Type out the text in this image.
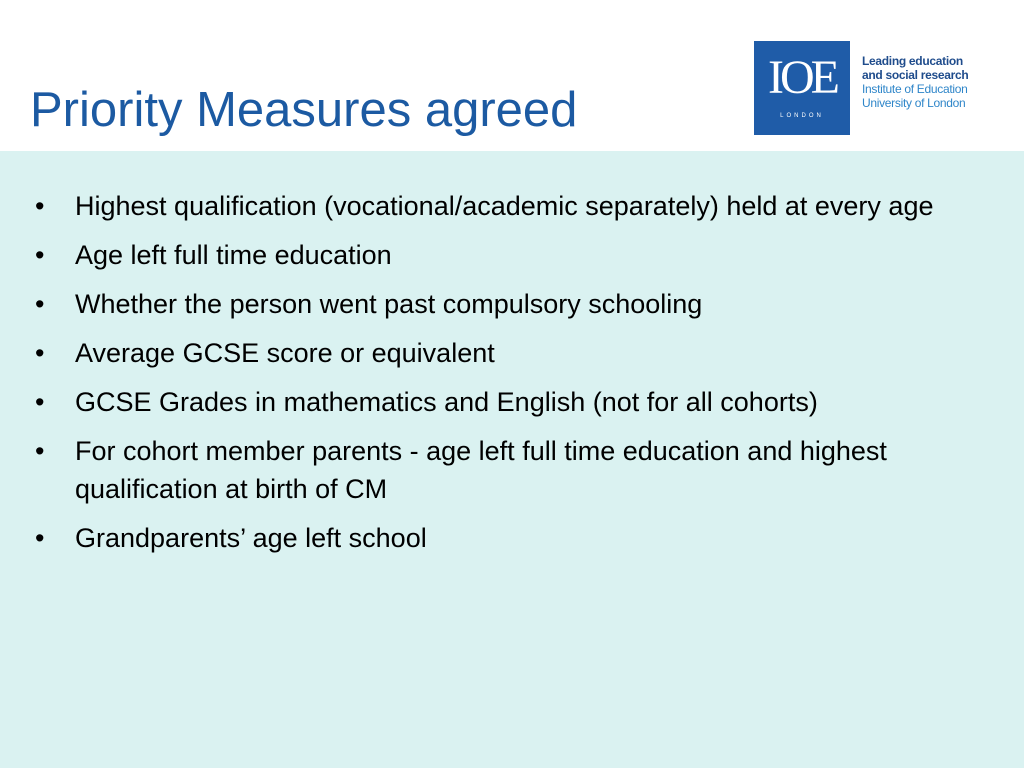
Priority Measures agreed
IOE
LONDON
Leading education
and social research
Institute of Education
University of London
•	Highest qualification (vocational/academic separately) held at every age
•	Age left full time education
•	Whether the person went past compulsory schooling
•	Average GCSE score or equivalent
•	GCSE Grades in mathematics and English (not for all cohorts)
•	For cohort member parents - age left full time education and highest qualification at birth of CM
•	Grandparents’ age left school
